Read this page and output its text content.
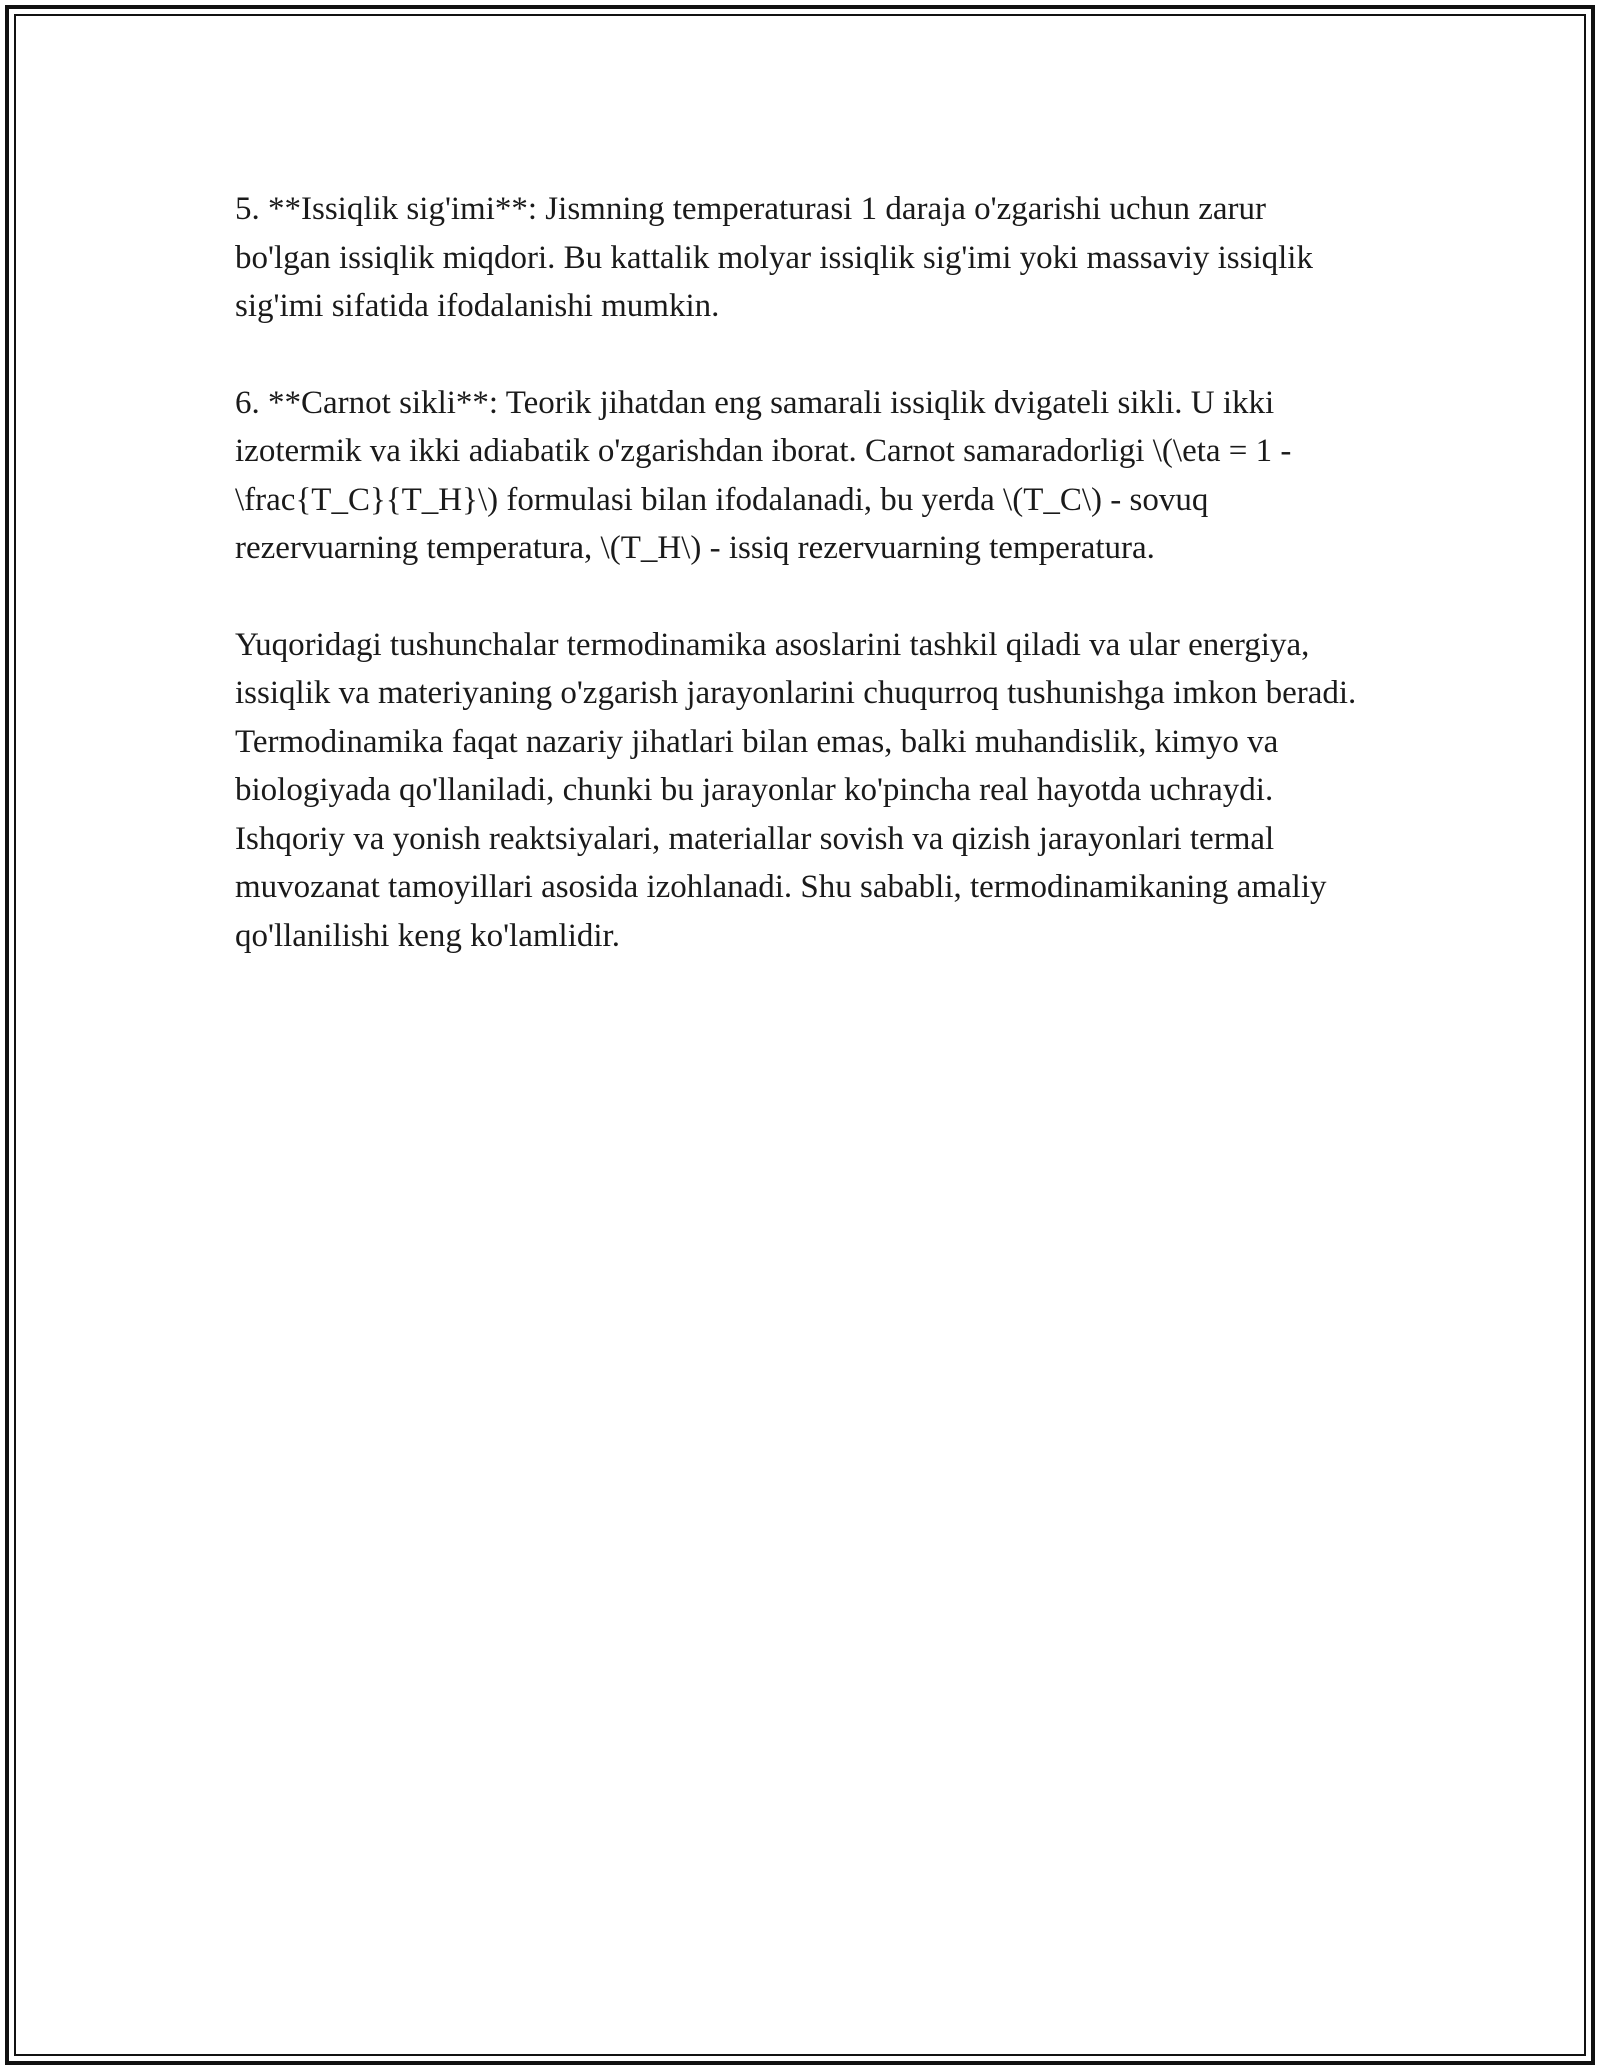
5. **Issiqlik sig'imi**: Jismning temperaturasi 1 daraja o'zgarishi uchun zarur bo'lgan issiqlik miqdori. Bu kattalik molyar issiqlik sig'imi yoki massaviy issiqlik sig'imi sifatida ifodalanishi mumkin.

6. **Carnot sikli**: Teorik jihatdan eng samarali issiqlik dvigateli sikli. U ikki izotermik va ikki adiabatik o'zgarishdan iborat. Carnot samaradorligi \(\eta = 1 - \frac{T_C}{T_H}\) formulasi bilan ifodalanadi, bu yerda \(T_C\) - sovuq rezervuarning temperatura, \(T_H\) - issiq rezervuarning temperatura.

Yuqoridagi tushunchalar termodinamika asoslarini tashkil qiladi va ular energiya, issiqlik va materiyaning o'zgarish jarayonlarini chuqurroq tushunishga imkon beradi. Termodinamika faqat nazariy jihatlari bilan emas, balki muhandislik, kimyo va biologiyada qo'llaniladi, chunki bu jarayonlar ko'pincha real hayotda uchraydi. Ishqoriy va yonish reaktsiyalari, materiallar sovish va qizish jarayonlari termal muvozanat tamoyillari asosida izohlanadi. Shu sababli, termodinamikaning amaliy qo'llanilishi keng ko'lamlidir.
